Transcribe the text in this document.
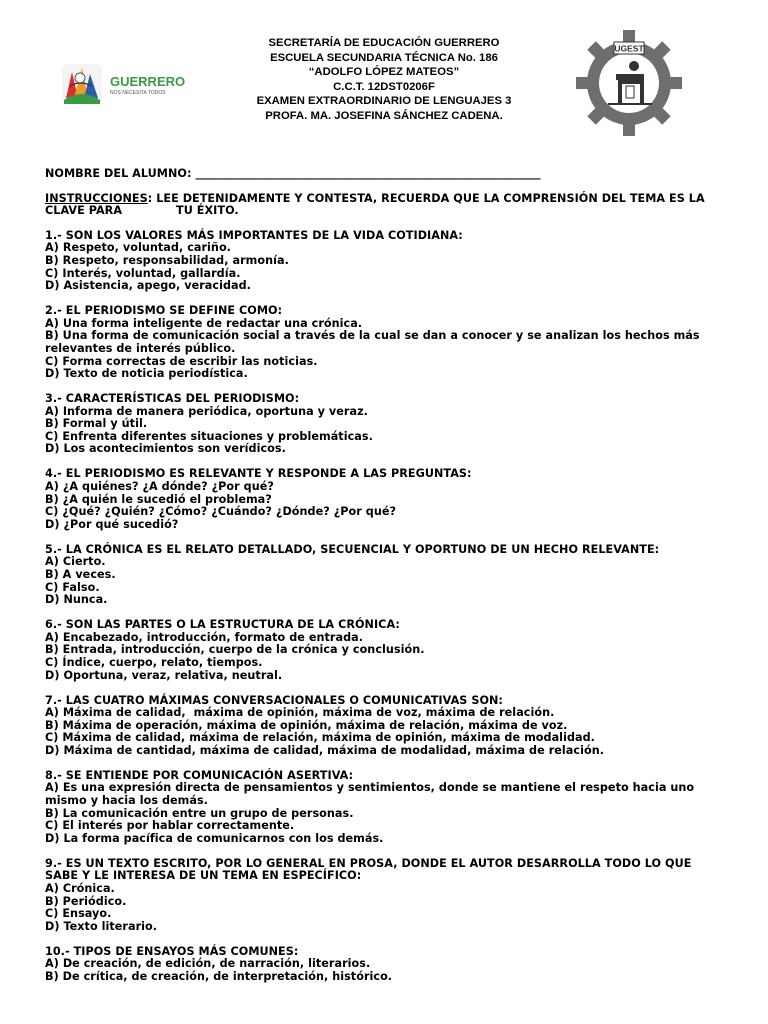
GUERRERO
NOS NECESITA TODOS
SECRETARÍA DE EDUCACIÓN GUERRERO
ESCUELA SECUNDARIA TÉCNICA No. 186
“ADOLFO LÓPEZ MATEOS”
C.C.T. 12DST0206F
EXAMEN EXTRAORDINARIO DE LENGUAJES 3
PROFA. MA. JOSEFINA SÁNCHEZ CADENA.
UGEST
NOMBRE DEL ALUMNO: _____________________________________________________________________
INSTRUCCIONES: LEE DETENIDAMENTE Y CONTESTA, RECUERDA QUE LA COMPRENSIÓN DEL TEMA ES LA CLAVE PARA	TU ÉXITO.
1.- SON LOS VALORES MÁS IMPORTANTES DE LA VIDA COTIDIANA:
A) Respeto, voluntad, cariño.
B) Respeto, responsabilidad, armonía.
C) Interés, voluntad, gallardía.
D) Asistencia, apego, veracidad.
2.- EL PERIODISMO SE DEFINE COMO:
A) Una forma inteligente de redactar una crónica.
B) Una forma de comunicación social a través de la cual se dan a conocer y se analizan los hechos más relevantes de interés público.
C) Forma correctas de escribir las noticias.
D) Texto de noticia periodística.
3.- CARACTERÍSTICAS DEL PERIODISMO:
A) Informa de manera periódica, oportuna y veraz.
B) Formal y útil.
C) Enfrenta diferentes situaciones y problemáticas.
D) Los acontecimientos son verídicos.
4.- EL PERIODISMO ES RELEVANTE Y RESPONDE A LAS PREGUNTAS:
A) ¿A quiénes? ¿A dónde? ¿Por qué?
B) ¿A quién le sucedió el problema?
C) ¿Qué? ¿Quién? ¿Cómo? ¿Cuándo? ¿Dónde? ¿Por qué?
D) ¿Por qué sucedió?
5.- LA CRÓNICA ES EL RELATO DETALLADO, SECUENCIAL Y OPORTUNO DE UN HECHO RELEVANTE:
A) Cierto.
B) A veces.
C) Falso.
D) Nunca.
6.- SON LAS PARTES O LA ESTRUCTURA DE LA CRÓNICA:
A) Encabezado, introducción, formato de entrada.
B) Entrada, introducción, cuerpo de la crónica y conclusión.
C) Índice, cuerpo, relato, tiempos.
D) Oportuna, veraz, relativa, neutral.
7.- LAS CUATRO MÁXIMAS CONVERSACIONALES O COMUNICATIVAS SON:
A) Máxima de calidad,  máxima de opinión, máxima de voz, máxima de relación.
B) Máxima de operación, máxima de opinión, máxima de relación, máxima de voz.
C) Máxima de calidad, máxima de relación, máxima de opinión, máxima de modalidad.
D) Máxima de cantidad, máxima de calidad, máxima de modalidad, máxima de relación.
8.- SE ENTIENDE POR COMUNICACIÓN ASERTIVA:
A) Es una expresión directa de pensamientos y sentimientos, donde se mantiene el respeto hacia uno mismo y hacia los demás.
B) La comunicación entre un grupo de personas.
C) El interés por hablar correctamente.
D) La forma pacífica de comunicarnos con los demás.
9.- ES UN TEXTO ESCRITO, POR LO GENERAL EN PROSA, DONDE EL AUTOR DESARROLLA TODO LO QUE SABE Y LE INTERESA DE UN TEMA EN ESPECÍFICO:
A) Crónica.
B) Periódico.
C) Ensayo.
D) Texto literario.
10.- TIPOS DE ENSAYOS MÁS COMUNES:
A) De creación, de edición, de narración, literarios.
B) De crítica, de creación, de interpretación, histórico.
